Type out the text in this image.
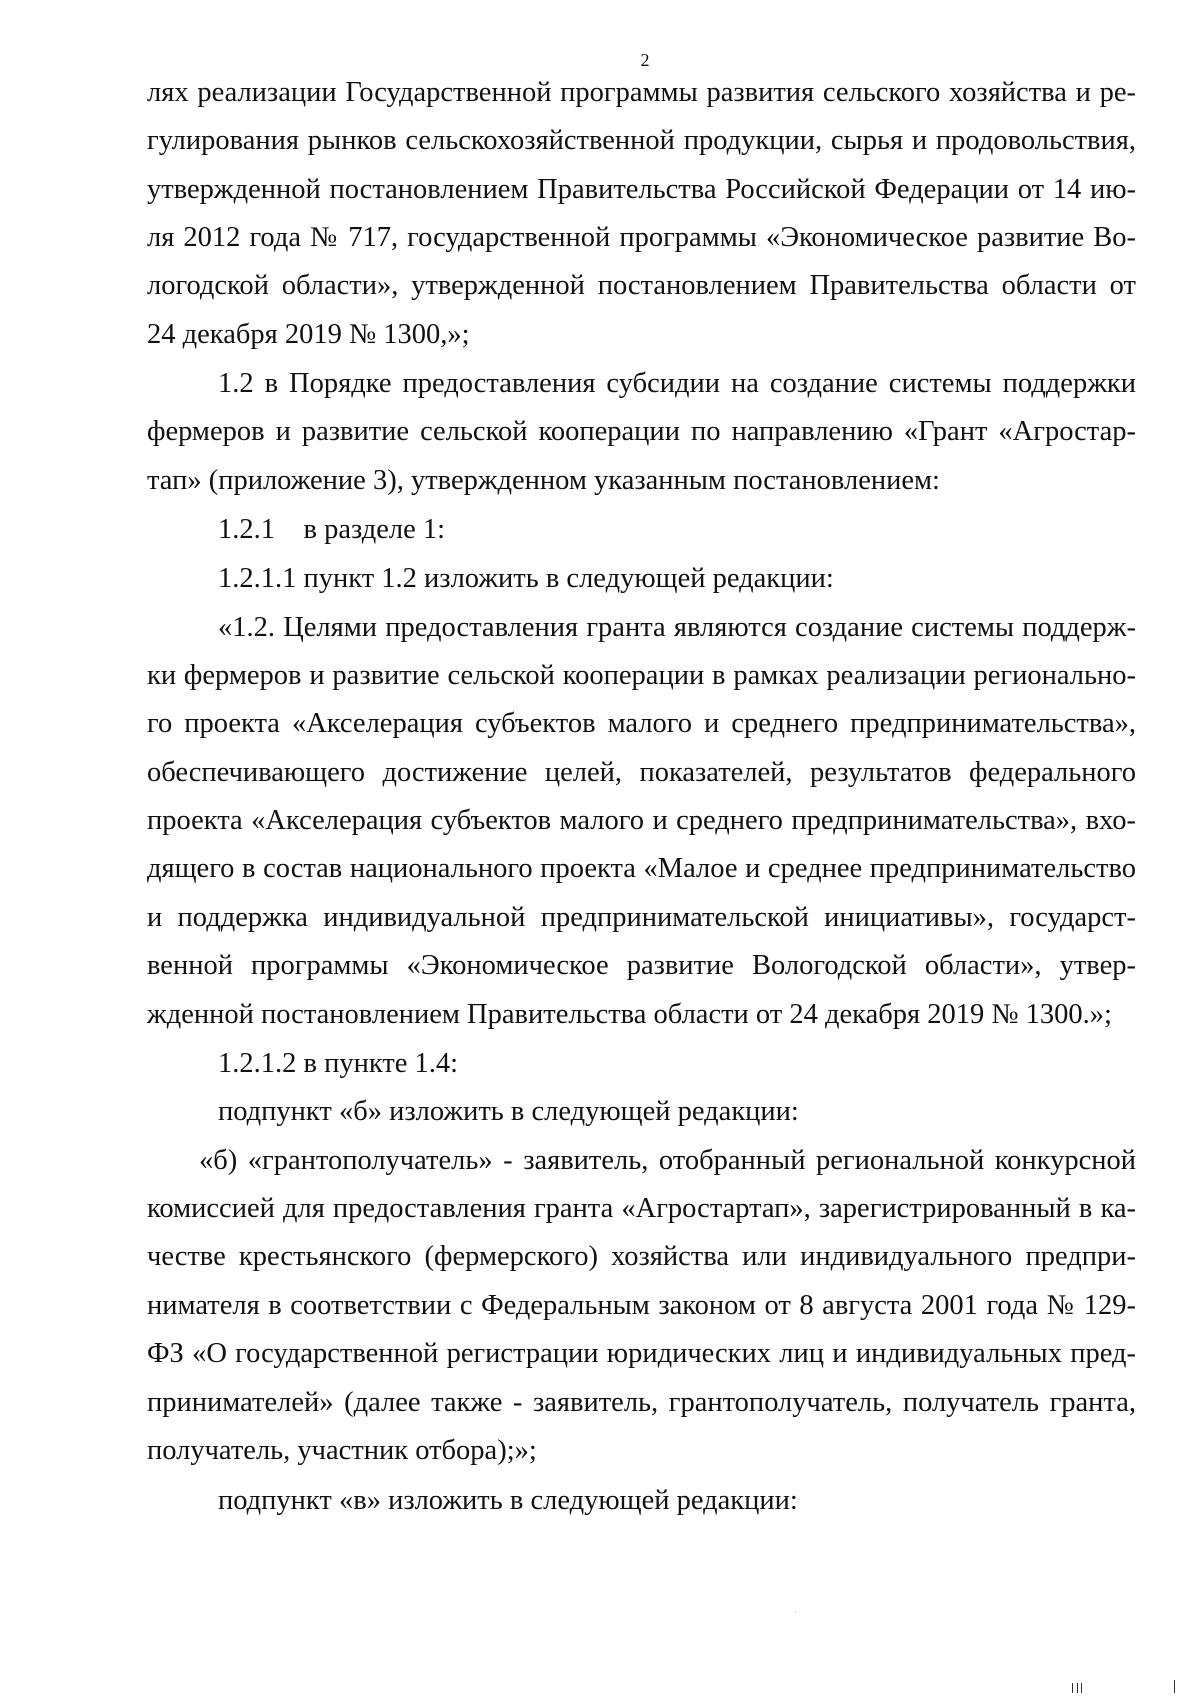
2
лях реализации Государственной программы развития сельского хозяйства и ре-
гулирования рынков сельскохозяйственной продукции, сырья и продовольствия,
утвержденной постановлением Правительства Российской Федерации от 14 ию-
ля 2012 года № 717, государственной программы «Экономическое развитие Во-
логодской области», утвержденной постановлением Правительства области от
24 декабря 2019 № 1300,»;
1.2 в Порядке предоставления субсидии на создание системы поддержки
фермеров и развитие сельской кооперации по направлению «Грант «Агростар-
тап» (приложение 3), утвержденном указанным постановлением:
1.2.1    в разделе 1:
1.2.1.1 пункт 1.2 изложить в следующей редакции:
«1.2. Целями предоставления гранта являются создание системы поддерж-
ки фермеров и развитие сельской кооперации в рамках реализации регионально-
го проекта «Акселерация субъектов малого и среднего предпринимательства»,
обеспечивающего достижение целей, показателей, результатов федерального
проекта «Акселерация субъектов малого и среднего предпринимательства», вхо-
дящего в состав национального проекта «Малое и среднее предпринимательство
и поддержка индивидуальной предпринимательской инициативы», государст-
венной программы «Экономическое развитие Вологодской области», утвер-
жденной постановлением Правительства области от 24 декабря 2019 № 1300.»;
1.2.1.2 в пункте 1.4:
подпункт «б» изложить в следующей редакции:
«б) «грантополучатель» - заявитель, отобранный региональной конкурсной
комиссией для предоставления гранта «Агростартап», зарегистрированный в ка-
честве крестьянского (фермерского) хозяйства или индивидуального предпри-
нимателя в соответствии с Федеральным законом от 8 августа 2001 года № 129-
ФЗ «О государственной регистрации юридических лиц и индивидуальных пред-
принимателей» (далее также - заявитель, грантополучатель, получатель гранта,
получатель, участник отбора);»;
подпункт «в» изложить в следующей редакции:
